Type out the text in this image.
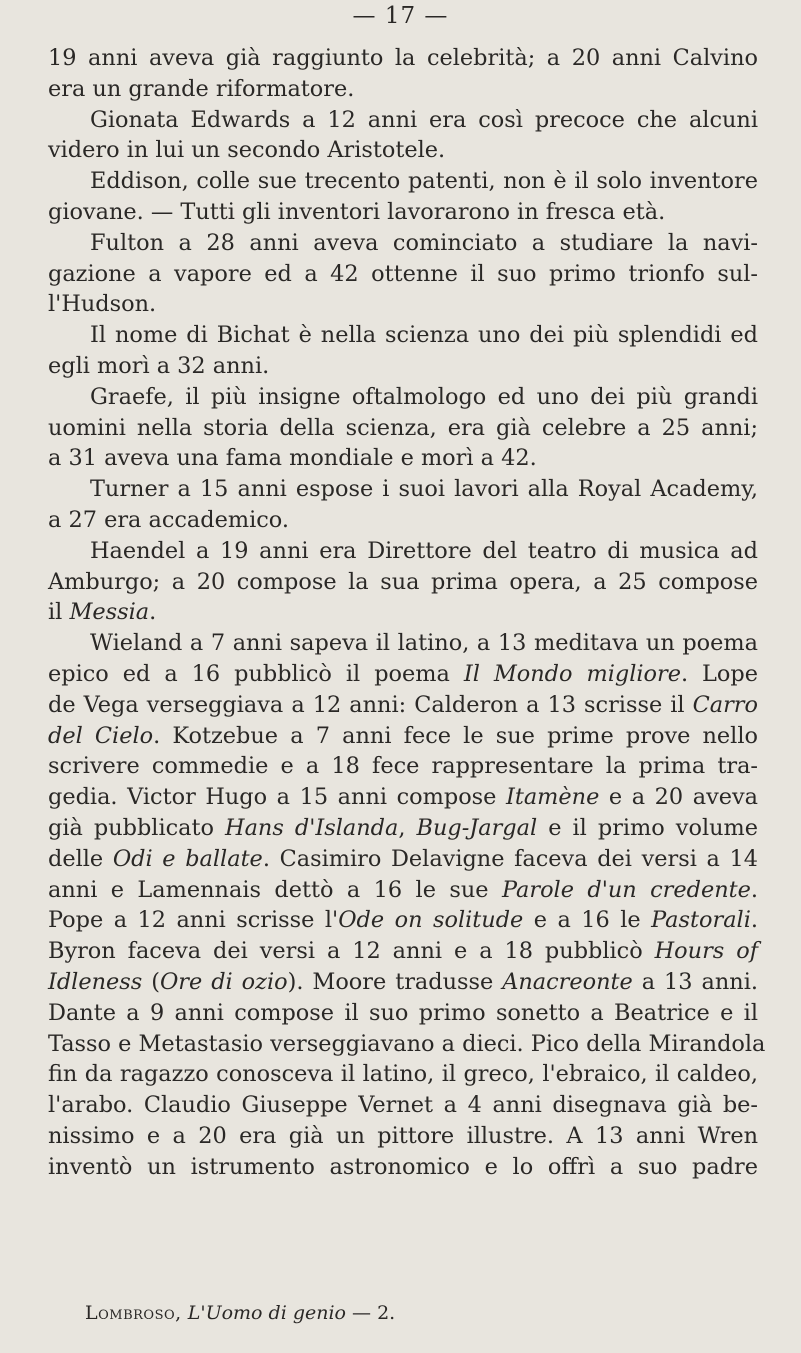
— 17 —

19 anni aveva già raggiunto la celebrità; a 20 anni Calvino
era un grande riformatore.

Gionata Edwards a 12 anni era così precoce che alcuni
videro in lui un secondo Aristotele.

Eddison, colle sue trecento patenti, non è il solo inventore
giovane. — Tutti gli inventori lavorarono in fresca età.

Fulton a 28 anni aveva cominciato a studiare la navi-
gazione a vapore ed a 42 ottenne il suo primo trionfo sul-
l'Hudson.

Il nome di Bichat è nella scienza uno dei più splendidi ed
egli morì a 32 anni.

Graefe, il più insigne oftalmologo ed uno dei più grandi
uomini nella storia della scienza, era già celebre a 25 anni;
a 31 aveva una fama mondiale e morì a 42.

Turner a 15 anni espose i suoi lavori alla Royal Academy,
a 27 era accademico.

Haendel a 19 anni era Direttore del teatro di musica ad
Amburgo; a 20 compose la sua prima opera, a 25 compose
il Messia.

Wieland a 7 anni sapeva il latino, a 13 meditava un poema
epico ed a 16 pubblicò il poema Il Mondo migliore. Lope
de Vega verseggiava a 12 anni: Calderon a 13 scrisse il Carro
del Cielo. Kotzebue a 7 anni fece le sue prime prove nello
scrivere commedie e a 18 fece rappresentare la prima tra-
gedia. Victor Hugo a 15 anni compose Itamène e a 20 aveva
già pubblicato Hans d'Islanda, Bug-Jargal e il primo volume
delle Odi e ballate. Casimiro Delavigne faceva dei versi a 14
anni e Lamennais dettò a 16 le sue Parole d'un credente.
Pope a 12 anni scrisse l'Ode on solitude e a 16 le Pastorali.
Byron faceva dei versi a 12 anni e a 18 pubblicò Hours of
Idleness (Ore di ozio). Moore tradusse Anacreonte a 13 anni.
Dante a 9 anni compose il suo primo sonetto a Beatrice e il
Tasso e Metastasio verseggiavano a dieci. Pico della Mirandola
fin da ragazzo conosceva il latino, il greco, l'ebraico, il caldeo,
l'arabo. Claudio Giuseppe Vernet a 4 anni disegnava già be-
nissimo e a 20 era già un pittore illustre. A 13 anni Wren
inventò un istrumento astronomico e lo offrì a suo padre

Lombroso, L'Uomo di genio — 2.
